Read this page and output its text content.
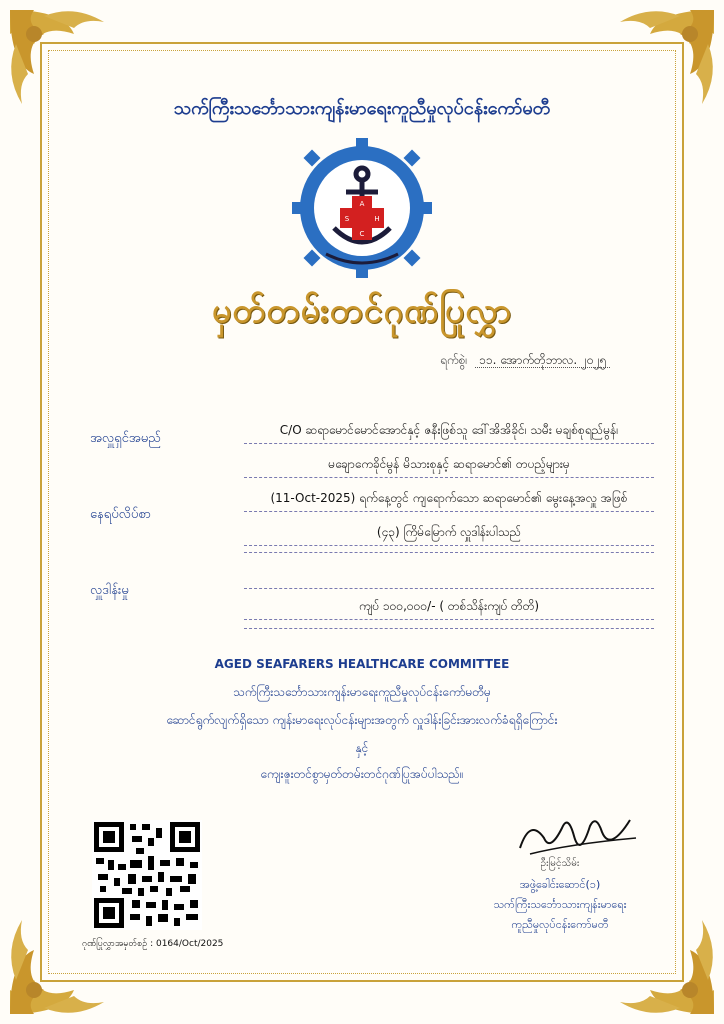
သက်ကြီးသင်္ဘောသားကျန်းမာရေးကူညီမှုလုပ်ငန်းကော်မတီ
A
S	H
C
မှတ်တမ်းတင်ဂုဏ်ပြုလွှာ
ရက်စွဲ၊ ၁၁. အောက်တိုဘာလ. ၂၀၂၅
အလှူရှင်အမည်
C/O ဆရာမောင်မောင်အောင်နှင့် ဇနီးဖြစ်သူ ဒေါ်အိအိခိုင်၊ သမီး မချစ်စုရည်မွန်၊
မချောကေခိုင်မွန် မိသားစုနှင့် ဆရာမောင်၏ တပည့်များမှ
နေရပ်လိပ်စာ
(11-Oct-2025) ရက်နေ့တွင် ကျရောက်သော ဆရာမောင်၏ မွေးနေ့အလှူ အဖြစ်
(၄၃) ကြိမ်မြောက် လှူဒါန်းပါသည်
လှူဒါန်းမှု
ကျပ် ၁၀၀,၀၀၀/- ( တစ်သိန်းကျပ် တိတိ)
AGED SEAFARERS HEALTHCARE COMMITTEE
သက်ကြီးသင်္ဘောသားကျန်းမာရေးကူညီမှုလုပ်ငန်းကော်မတီမှ
ဆောင်ရွက်လျက်ရှိသော ကျန်းမာရေးလုပ်ငန်းများအတွက် လှူဒါန်းခြင်းအားလက်ခံရရှိကြောင်း
နှင့်
ကျေးဇူးတင်စွာမှတ်တမ်းတင်ဂုဏ်ပြုအပ်ပါသည်။
ဂုဏ်ပြုလွှာအမှတ်စဉ် : 0164/Oct/2025
ဦးမြင့်သိမ်း
အဖွဲ့ခေါင်းဆောင်(၁)
သက်ကြီးသင်္ဘောသားကျန်းမာရေး
ကူညီမှုလုပ်ငန်းကော်မတီ
